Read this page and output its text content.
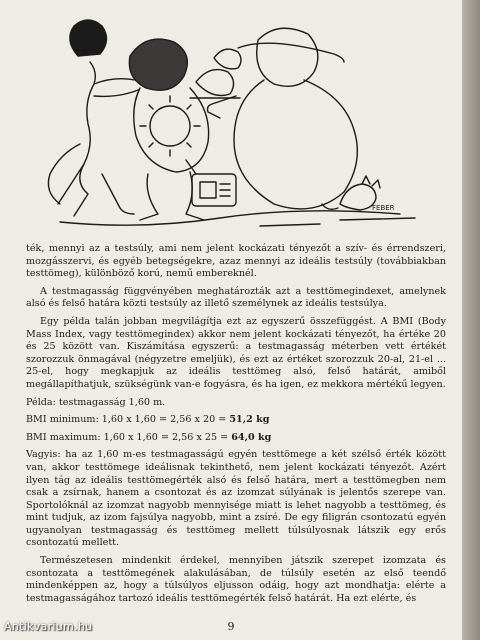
FEBER

ték, mennyi az a testsúly, ami nem jelent kockázati tényezőt a szív- és érrendszeri, mozgásszervi, és egyéb betegségekre, azaz mennyi az ideális testsúly (továbbiakban testtömeg), különböző korú, nemű embereknél.

A testmagasság függvényében meghatározták azt a testtömegindexet, amelynek alsó és felső határa közti testsúly az illető személynek az ideális testsúlya.

Egy példa talán jobban megvilágítja ezt az egyszerű összefüggést. A BMI (Body Mass Index, vagy testtömegindex) akkor nem jelent kockázati tényezőt, ha értéke 20 és 25 között van. Kiszámítása egyszerű: a testmagasság méterben vett értékét szorozzuk önmagával (négyzetre emeljük), és ezt az értéket szorozzuk 20-al, 21-el ... 25-el, hogy megkapjuk az ideális testtömeg alsó, felső határát, amiből megállapíthatjuk, szükségünk van-e fogyásra, és ha igen, ez mekkora mértékű legyen.

Példa: testmagasság 1,60 m.

BMI minimum: 1,60 x 1,60 = 2,56 x 20 = 51,2 kg

BMI maximum: 1,60 x 1,60 = 2,56 x 25 = 64,0 kg

Vagyis: ha az 1,60 m-es testmagasságú egyén testtömege a két szélső érték között van, akkor testtömege ideálisnak tekinthető, nem jelent kockázati tényezőt. Azért ilyen tág az ideális testtömegérték alsó és felső határa, mert a testtömegben nem csak a zsírnak, hanem a csontozat és az izomzat súlyának is jelentős szerepe van. Sportolóknál az izomzat nagyobb mennyisége miatt is lehet nagyobb a testtömeg, és mint tudjuk, az izom fajsúlya nagyobb, mint a zsíré. De egy filigrán csontozatú egyén ugyanolyan testmagasság és testtömeg mellett túlsúlyosnak látszik egy erős csontozatú mellett.

Természetesen mindenkit érdekel, mennyiben játszik szerepet izomzata és csontozata a testtömegének alakulásában, de túlsúly esetén az első teendő mindenképpen az, hogy a túlsúlyos eljusson odáig, hogy azt mondhatja: elérte a testmagasságához tartozó ideális testtömegérték felső határát. Ha ezt elérte, és

9
Antikvarium.hu
